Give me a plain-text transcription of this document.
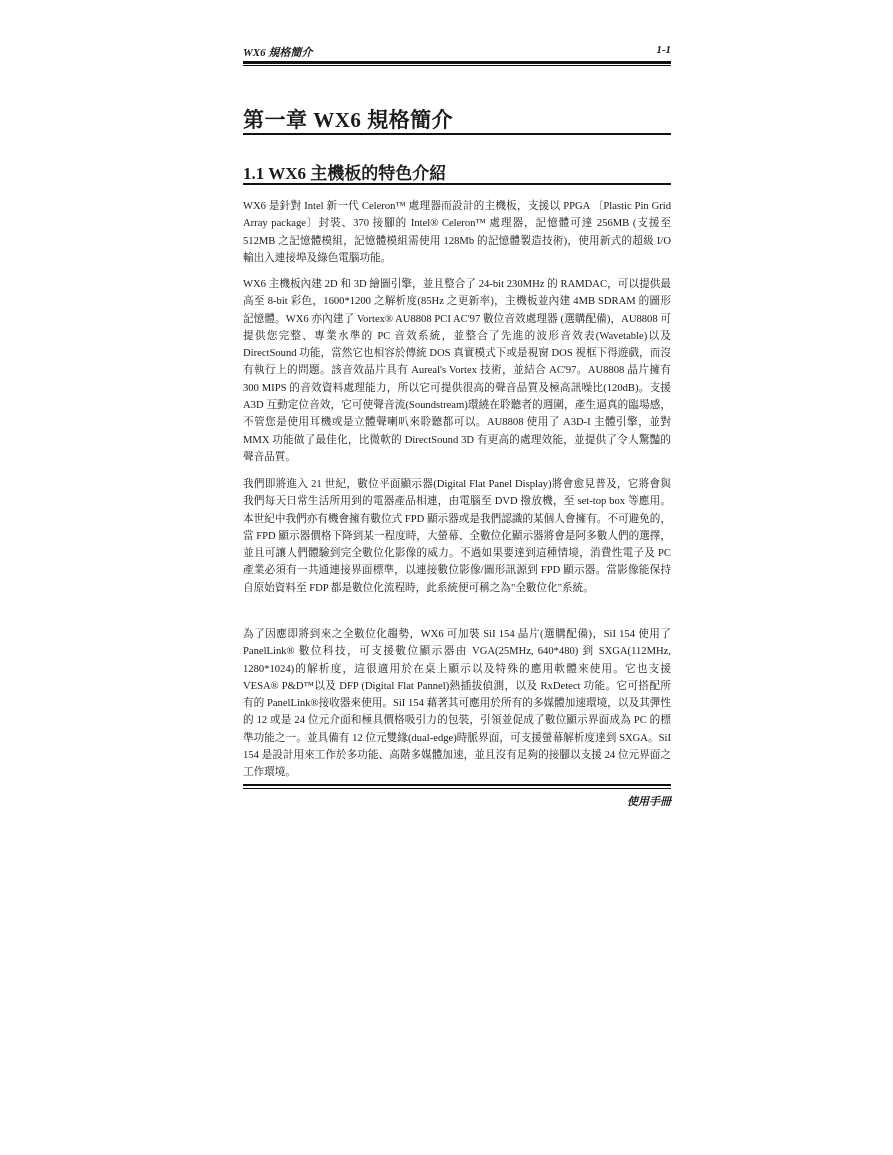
WX6 規格簡介	1-1
第一章 WX6 規格簡介
1.1 WX6 主機板的特色介紹
WX6 是針對 Intel 新一代 Celeron™ 處理器而設計的主機板，支援以 PPGA 〔Plastic Pin Grid Array package〕封裝、370 接腳的 Intel® Celeron™ 處理器，記憶體可達 256MB (支援至 512MB 之記憶體模組，記憶體模組需使用 128Mb 的記憶體製造技術)，使用新式的超級 I/O 輸出入連接埠及綠色電腦功能。
WX6 主機板內建 2D 和 3D 繪圖引擎，並且整合了 24-bit 230MHz 的 RAMDAC，可以提供最高至 8-bit 彩色，1600*1200 之解析度(85Hz 之更新率)，主機板並內建 4MB SDRAM 的圖形記憶體。WX6 亦內建了 Vortex® AU8808 PCI AC'97 數位音效處理器 (選購配備)，AU8808 可提供您完整、專業水準的 PC 音效系統，並整合了先進的波形音效表(Wavetable)以及 DirectSound 功能，當然它也相容於傳統 DOS 真實模式下或是視窗 DOS 視框下得遊戲，而沒有執行上的問題。該音效晶片具有 Aureal's Vortex 技術，並結合 AC'97。AU8808 晶片擁有 300 MIPS 的音效資料處理能力，所以它可提供很高的聲音品質及極高訊噪比(120dB)。支援 A3D 互動定位音效，它可使聲音流(Soundstream)環繞在聆聽者的週圍，產生逼真的臨場感，不管您是使用耳機或是立體聲喇叭來聆聽都可以。AU8808 使用了 A3D-I 主體引擎，並對 MMX 功能做了最佳化，比微軟的 DirectSound 3D 有更高的處理效能，並提供了令人驚豔的聲音品質。
我們即將進入 21 世紀，數位平面顯示器(Digital Flat Panel Display)將會愈見普及，它將會與我們每天日常生活所用到的電器產品相連，由電腦至 DVD 撥放機，至 set-top box 等應用。本世紀中我們亦有機會擁有數位式 FPD 顯示器或是我們認識的某個人會擁有。不可避免的，當 FPD 顯示器價格下降到某一程度時，大螢幕、全數位化顯示器將會是阿多數人們的選擇，並且可讓人們體驗到完全數位化影像的威力。不過如果要達到這種情境，消費性電子及 PC 產業必須有一共通連接界面標準，以連接數位影像/圖形訊源到 FPD 顯示器。當影像能保持自原始資料至 FDP 都是數位化流程時，此系統便可稱之為"全數位化"系統。
為了因應即將到來之全數位化趨勢，WX6 可加裝 SiI 154 晶片(選購配備)，SiI 154 使用了 PanelLink® 數位科技，可支援數位顯示器由 VGA(25MHz, 640*480) 到 SXGA(112MHz, 1280*1024)的解析度，這很適用於在桌上顯示以及特殊的應用軟體來使用。它也支援 VESA® P&D™以及 DFP (Digital Flat Pannel)熱插拔偵測，以及 RxDetect 功能。它可搭配所有的 PanelLink®接收器來使用。SiI 154 藉著其可應用於所有的多媒體加速環境，以及其彈性的 12 或是 24 位元介面和極具價格吸引力的包裝，引領並促成了數位顯示界面成為 PC 的標準功能之一。並具備有 12 位元雙緣(dual-edge)時脈界面，可支援螢幕解析度達到 SXGA。SiI 154 是設計用來工作於多功能、高階多媒體加速，並且沒有足夠的接腳以支援 24 位元界面之工作環境。
使用手冊
